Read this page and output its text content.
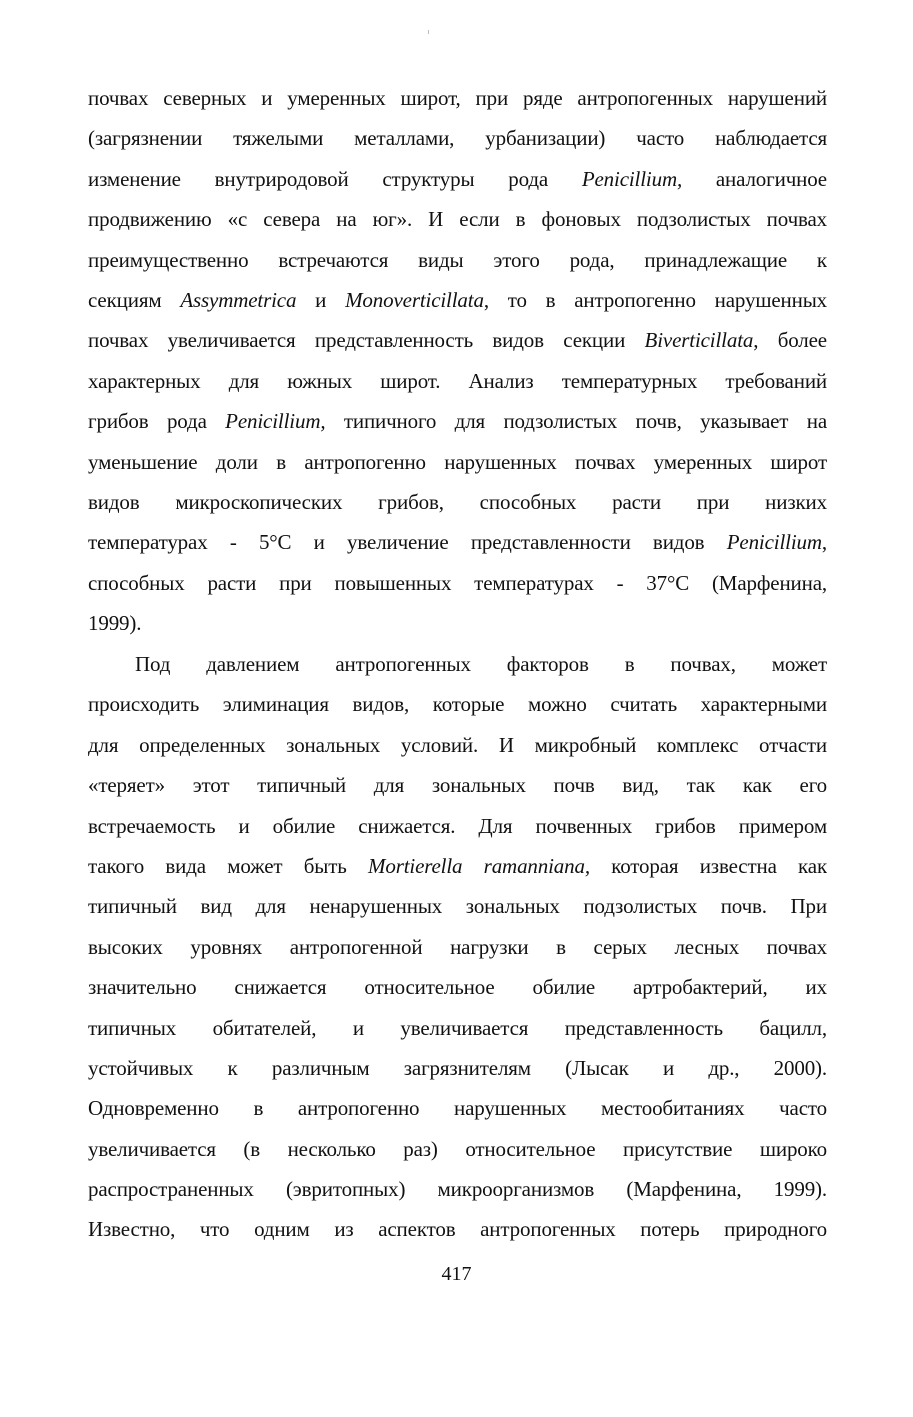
почвах северных и умеренных широт, при ряде антропогенных нарушений
(загрязнении тяжелыми металлами, урбанизации) часто наблюдается
изменение внутриродовой структуры рода Penicillium, аналогичное
продвижению «с севера на юг». И если в фоновых подзолистых почвах
преимущественно встречаются виды этого рода, принадлежащие к
секциям Assymmetrica и Monoverticillata, то в антропогенно нарушенных
почвах увеличивается представленность видов секции Biverticillata, более
характерных для южных широт. Анализ температурных требований
грибов рода Penicillium, типичного для подзолистых почв, указывает на
уменьшение доли в антропогенно нарушенных почвах умеренных широт
видов микроскопических грибов, способных расти при низких
температурах - 5°С и увеличение представленности видов Penicillium,
способных расти при повышенных температурах - 37°С (Марфенина,
1999).
Под давлением антропогенных факторов в почвах, может
происходить элиминация видов, которые можно считать характерными
для определенных зональных условий. И микробный комплекс отчасти
«теряет» этот типичный для зональных почв вид, так как его
встречаемость и обилие снижается. Для почвенных грибов примером
такого вида может быть Mortierella ramanniana, которая известна как
типичный вид для ненарушенных зональных подзолистых почв. При
высоких уровнях антропогенной нагрузки в серых лесных почвах
значительно снижается относительное обилие артробактерий, их
типичных обитателей, и увеличивается представленность бацилл,
устойчивых к различным загрязнителям (Лысак и др., 2000).
Одновременно в антропогенно нарушенных местообитаниях часто
увеличивается (в несколько раз) относительное присутствие широко
распространенных (эвритопных) микроорганизмов (Марфенина, 1999).
Известно, что одним из аспектов антропогенных потерь природного
417
